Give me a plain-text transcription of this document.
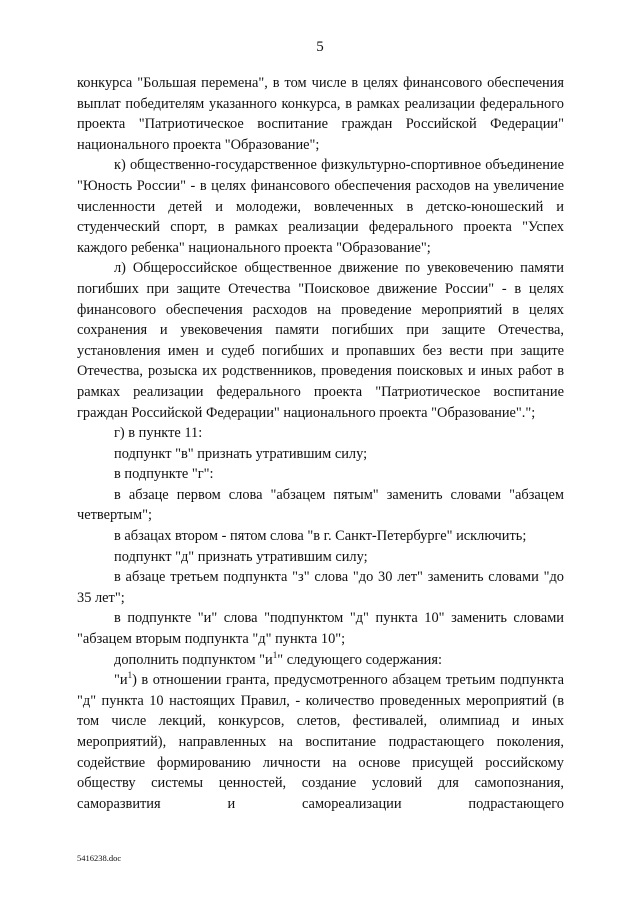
5

конкурса "Большая перемена", в том числе в целях финансового обеспечения выплат победителям указанного конкурса, в рамках реализации федерального проекта "Патриотическое воспитание граждан Российской Федерации" национального проекта "Образование";

к) общественно-государственное физкультурно-спортивное объединение "Юность России" - в целях финансового обеспечения расходов на увеличение численности детей и молодежи, вовлеченных в детско-юношеский и студенческий спорт, в рамках реализации федерального проекта "Успех каждого ребенка" национального проекта "Образование";

л) Общероссийское общественное движение по увековечению памяти погибших при защите Отечества "Поисковое движение России" - в целях финансового обеспечения расходов на проведение мероприятий в целях сохранения и увековечения памяти погибших при защите Отечества, установления имен и судеб погибших и пропавших без вести при защите Отечества, розыска их родственников, проведения поисковых и иных работ в рамках реализации федерального проекта "Патриотическое воспитание граждан Российской Федерации" национального проекта "Образование".";

г) в пункте 11:

подпункт "в" признать утратившим силу;

в подпункте "г":

в абзаце первом слова "абзацем пятым" заменить словами "абзацем четвертым";

в абзацах втором - пятом слова "в г. Санкт-Петербурге" исключить;

подпункт "д" признать утратившим силу;

в абзаце третьем подпункта "з" слова "до 30 лет" заменить словами "до 35 лет";

в подпункте "и" слова "подпунктом "д" пункта 10" заменить словами "абзацем вторым подпункта "д" пункта 10";

дополнить подпунктом "$и^1$" следующего содержания:

"$и^1$) в отношении гранта, предусмотренного абзацем третьим подпункта "д" пункта 10 настоящих Правил, - количество проведенных мероприятий (в том числе лекций, конкурсов, слетов, фестивалей, олимпиад и иных мероприятий), направленных на воспитание подрастающего поколения, содействие формированию личности на основе присущей российскому обществу системы ценностей, создание условий для самопознания, саморазвития и самореализации подрастающего

5416238.doc
